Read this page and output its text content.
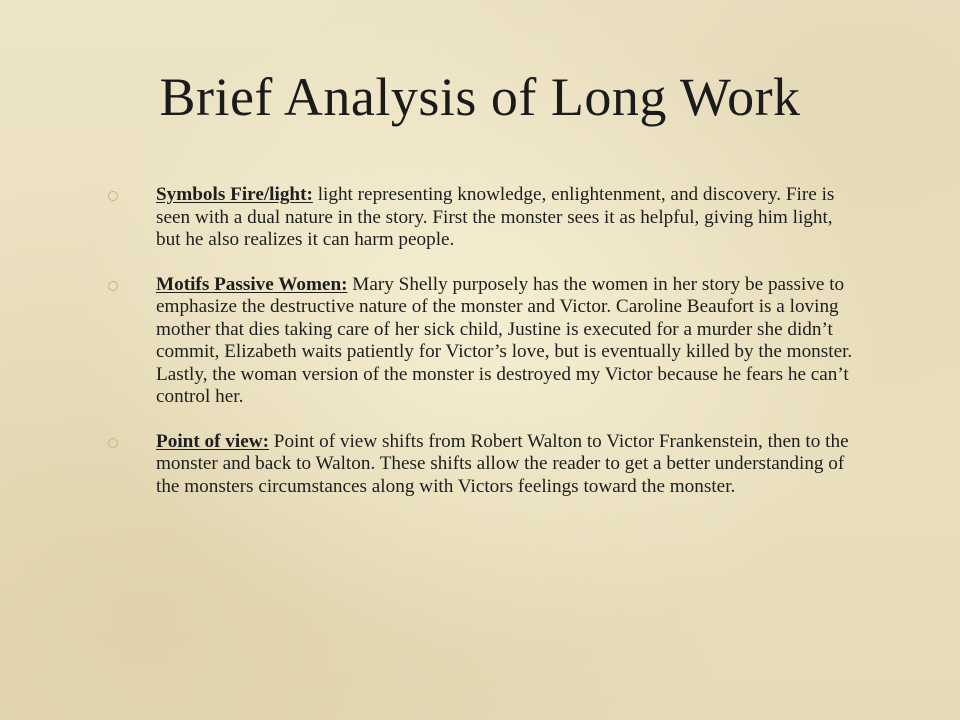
Brief Analysis of Long Work
Symbols Fire/light: light representing knowledge, enlightenment, and discovery. Fire is seen with a dual nature in the story. First the monster sees it as helpful, giving him light, but he also realizes it can harm people.
Motifs Passive Women: Mary Shelly purposely has the women in her story be passive to emphasize the destructive nature of the monster and Victor. Caroline Beaufort is a loving mother that dies taking care of her sick child, Justine is executed for a murder she didn’t commit, Elizabeth waits patiently for Victor’s love, but is eventually killed by the monster. Lastly, the woman version of the monster is destroyed my Victor because he fears he can’t control her.
Point of view: Point of view shifts from Robert Walton to Victor Frankenstein, then to the monster and back to Walton. These shifts allow the reader to get a better understanding of the monsters circumstances along with Victors feelings toward the monster.
